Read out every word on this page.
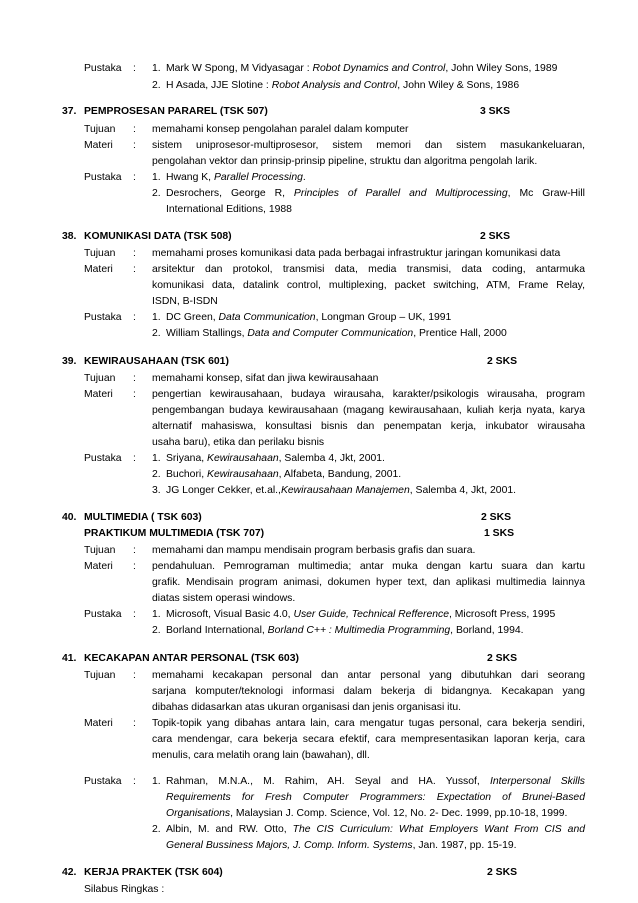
Pustaka : 1. Mark W Spong, M Vidyasagar : Robot Dynamics and Control, John Wiley Sons, 1989
2. H Asada, JJE Slotine : Robot Analysis and Control, John Wiley & Sons, 1986
37. PEMPROSESAN PARAREL (TSK 507)	3 SKS
Tujuan : memahami konsep pengolahan paralel dalam komputer
Materi : sistem uniprosesor-multiprosesor, sistem memori dan sistem masukankeluaran,
pengolahan vektor dan prinsip-prinsip pipeline, struktu dan algoritma pengolah larik.
Pustaka : 1. Hwang K, Parallel Processing.
2. Desrochers, George R, Principles of Parallel and Multiprocessing, Mc Graw-Hill
International Editions, 1988
38. KOMUNIKASI DATA (TSK 508)	2 SKS
Tujuan : memahami proses komunikasi data pada berbagai infrastruktur jaringan komunikasi data
Materi : arsitektur dan protokol, transmisi data, media transmisi, data coding, antarmuka
komunikasi data, datalink control, multiplexing, packet switching, ATM, Frame Relay,
ISDN, B-ISDN
Pustaka : 1. DC Green, Data Communication, Longman Group – UK, 1991
2. William Stallings, Data and Computer Communication, Prentice Hall, 2000
39. KEWIRAUSAHAAN (TSK 601)	2 SKS
Tujuan : memahami konsep, sifat dan jiwa kewirausahaan
Materi : pengertian kewirausahaan, budaya wirausaha, karakter/psikologis wirausaha, program
pengembangan budaya kewirausahaan (magang kewirausahaan, kuliah kerja nyata, karya
alternatif mahasiswa, konsultasi bisnis dan penempatan kerja, inkubator wirausaha
usaha baru), etika dan perilaku bisnis
Pustaka : 1. Sriyana, Kewirausahaan, Salemba 4, Jkt, 2001.
2. Buchori, Kewirausahaan, Alfabeta, Bandung, 2001.
3. JG Longer Cekker, et.al.,Kewirausahaan Manajemen, Salemba 4, Jkt, 2001.
40. MULTIMEDIA ( TSK 603)	2 SKS
PRAKTIKUM MULTIMEDIA (TSK 707)	1 SKS
Tujuan : memahami dan mampu mendisain program berbasis grafis dan suara.
Materi : pendahuluan. Pemrograman multimedia; antar muka dengan kartu suara dan kartu
grafik. Mendisain program animasi, dokumen hyper text, dan aplikasi multimedia lainnya
diatas sistem operasi windows.
Pustaka : 1. Microsoft, Visual Basic 4.0, User Guide, Technical Refference, Microsoft Press, 1995
2. Borland International, Borland C++ : Multimedia Programming, Borland, 1994.
41. KECAKAPAN ANTAR PERSONAL (TSK 603)	2 SKS
Tujuan : memahami kecakapan personal dan antar personal yang dibutuhkan dari seorang
sarjana komputer/teknologi informasi dalam bekerja di bidangnya. Kecakapan yang
dibahas didasarkan atas ukuran organisasi dan jenis organisasi itu.
Materi : Topik-topik yang dibahas antara lain, cara mengatur tugas personal, cara bekerja sendiri,
cara mendengar, cara bekerja secara efektif, cara mempresentasikan laporan kerja, cara
menulis, cara melatih orang lain (bawahan), dll.
Pustaka : 1. Rahman, M.N.A., M. Rahim, AH. Seyal and HA. Yussof, Interpersonal Skills
Requirements for Fresh Computer Programmers: Expectation of Brunei-Based
Organisations, Malaysian J. Comp. Science, Vol. 12, No. 2- Dec. 1999, pp.10-18, 1999.
2. Albin, M. and RW. Otto, The CIS Curriculum: What Employers Want From CIS and
General Bussiness Majors, J. Comp. Inform. Systems, Jan. 1987, pp. 15-19.
42. KERJA PRAKTEK (TSK 604)	2 SKS
Silabus Ringkas :
